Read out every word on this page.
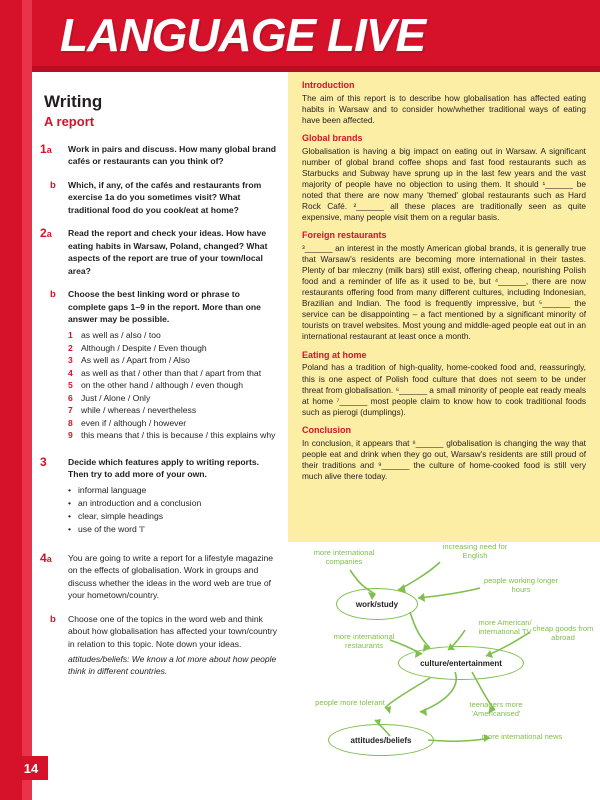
LANGUAGE LIVE
Introduction

The aim of this report is to describe how globalisation has affected eating habits in Warsaw and to consider how/whether traditional ways of eating have been affected.

Global brands

Globalisation is having a big impact on eating out in Warsaw. A significant number of global brand coffee shops and fast food restaurants such as Starbucks and Subway have sprung up in the last few years and the vast majority of people have no objection to using them. It should ¹______ be noted that there are now many 'themed' global restaurants such as Hard Rock Café. ²______ all these places are traditionally seen as quite expensive, many people visit them on a regular basis.

Foreign restaurants

³______ an interest in the mostly American global brands, it is generally true that Warsaw's residents are becoming more international in their tastes. Plenty of bar mleczny (milk bars) still exist, offering cheap, nourishing Polish food and a reminder of life as it used to be, but ⁴______, there are now restaurants offering food from many different cultures, including Indonesian, Brazilian and Indian. The food is frequently impressive, but ⁵______ the service can be disappointing – a fact mentioned by a significant minority of tourists on travel websites. Most young and middle-aged people eat out in an international restaurant at least once a month.

Eating at home

Poland has a tradition of high-quality, home-cooked food and, reassuringly, this is one aspect of Polish food culture that does not seem to be under threat from globalisation. ⁶______ a small minority of people eat ready meals at home ⁷______ most people claim to know how to cook traditional foods such as pierogi (dumplings).

Conclusion

In conclusion, it appears that ⁸______ globalisation is changing the way that people eat and drink when they go out, Warsaw's residents are still proud of their traditions and ⁹______ the culture of home-cooked food is still very much alive there today.

Writing
A report
1a Work in pairs and discuss. How many global brand cafés or restaurants can you think of?
b Which, if any, of the cafés and restaurants from exercise 1a do you sometimes visit? What traditional food do you cook/eat at home?
2a Read the report and check your ideas. How have eating habits in Warsaw, Poland, changed? What aspects of the report are true of your town/local area?
b Choose the best linking word or phrase to complete gaps 1–9 in the report. More than one answer may be possible.
1 as well as / also / too
2 Although / Despite / Even though
3 As well as / Apart from / Also
4 as well as that / other than that / apart from that
5 on the other hand / although / even though
6 Just / Alone / Only
7 while / whereas / nevertheless
8 even if / although / however
9 this means that / this is because / this explains why
3 Decide which features apply to writing reports. Then try to add more of your own.
• informal language
• an introduction and a conclusion
• clear, simple headings
• use of the word 'I'
4a You are going to write a report for a lifestyle magazine on the effects of globalisation. Work in groups and discuss whether the ideas in the word web are true of your hometown/country.
b Choose one of the topics in the word web and think about how globalisation has affected your town/country in relation to this topic. Note down your ideas.
attitudes/beliefs: We know a lot more about how people think in different countries.
more international companies
increasing need for English
people working longer hours
more American/ international TV
more international restaurants
cheap goods from abroad
people more tolerant	teenagers more 'Americanised'
more international news
work/study
culture/entertainment
attitudes/beliefs
14
